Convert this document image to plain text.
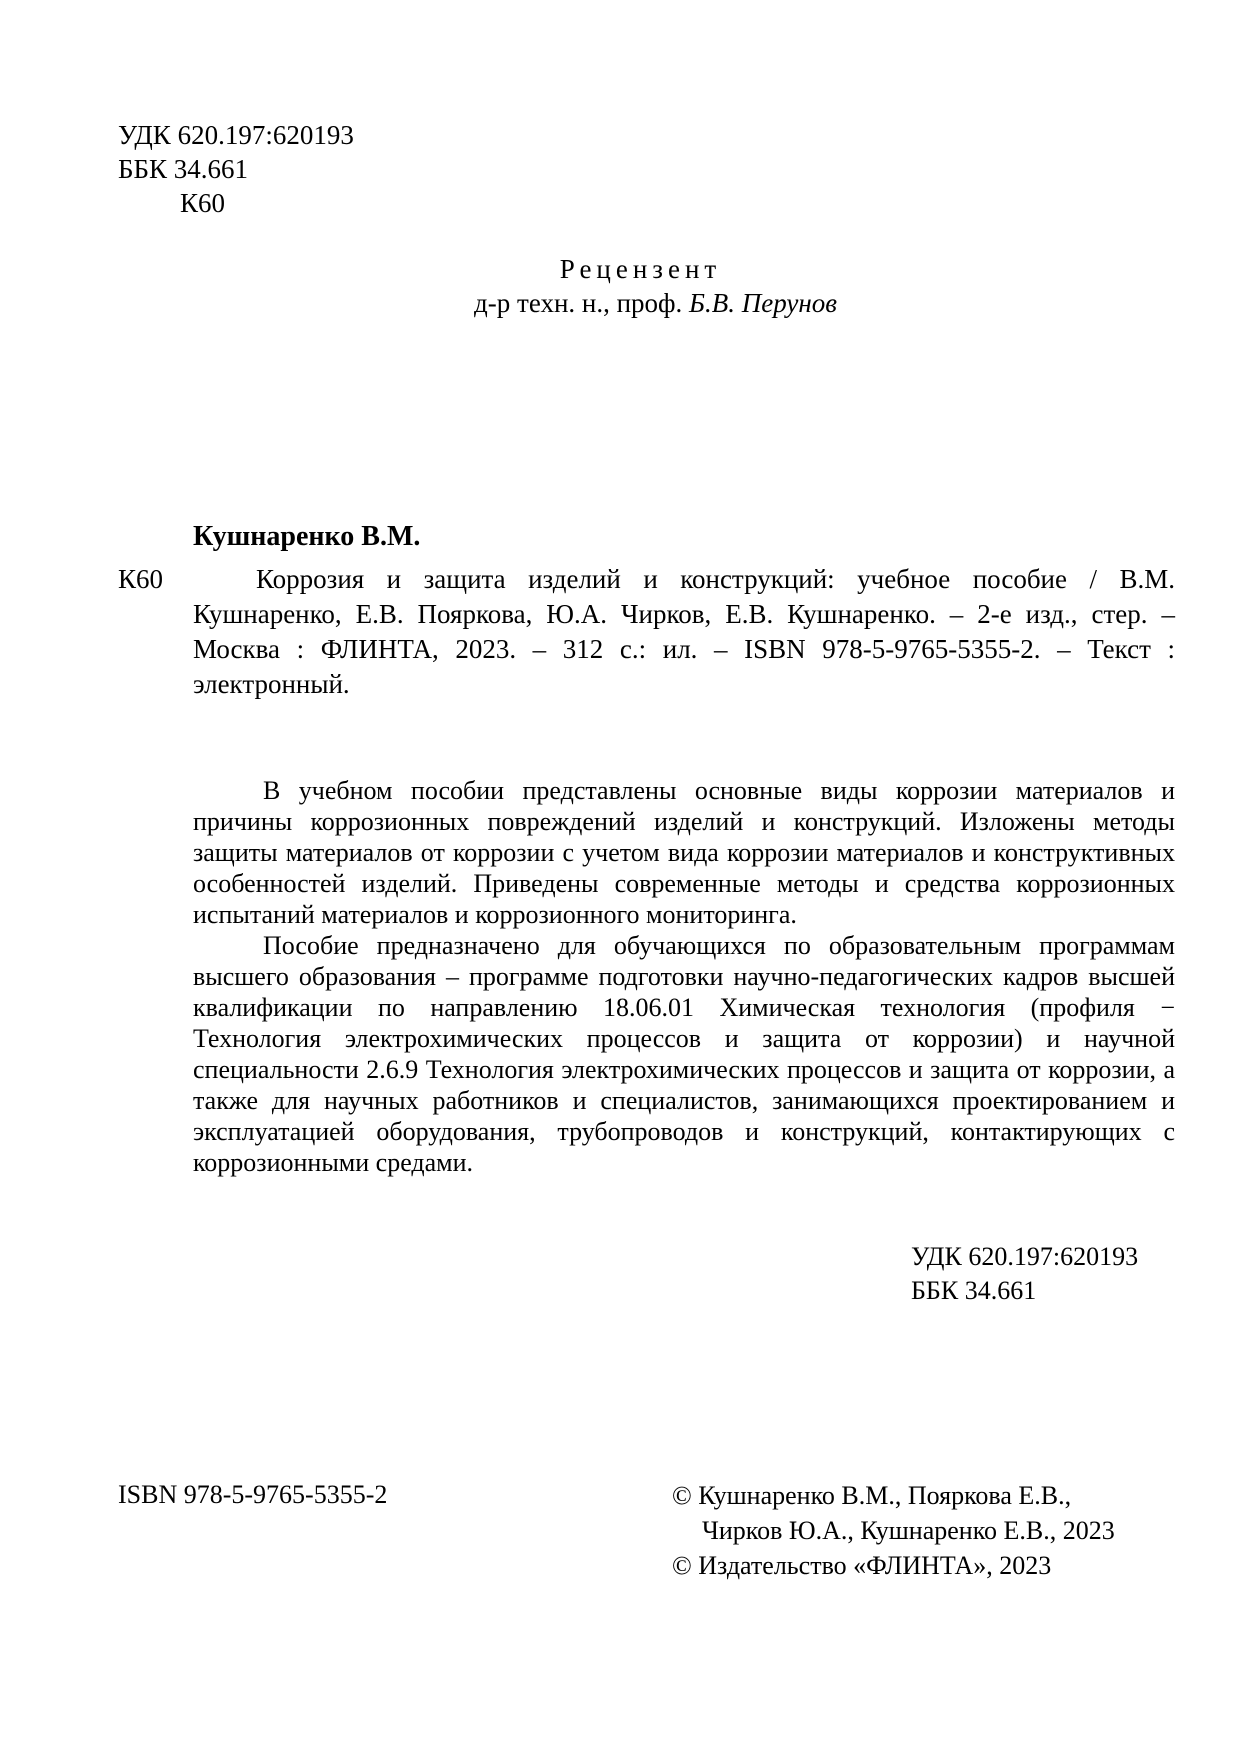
УДК 620.197:620193
ББК 34.661
К60
Рецензент
д-р техн. н., проф. Б.В. Перунов
Кушнаренко В.М.
К60	Коррозия и защита изделий и конструкций: учебное пособие / В.М. Кушнаренко, Е.В. Пояркова, Ю.А. Чирков, Е.В. Кушнаренко. – 2-е изд., стер. – Москва : ФЛИНТА, 2023. – 312 с.: ил. – ISBN 978-5-9765-5355-2. – Текст : электронный.

В учебном пособии представлены основные виды коррозии материалов и причины коррозионных повреждений изделий и конструкций. Изложены методы защиты материалов от коррозии с учетом вида коррозии материалов и конструктивных особенностей изделий. Приведены современные методы и средства коррозионных испытаний материалов и коррозионного мониторинга.

Пособие предназначено для обучающихся по образовательным программам высшего образования – программе подготовки научно-педагогических кадров высшей квалификации по направлению 18.06.01 Химическая технология (профиля − Технология электрохимических процессов и защита от коррозии) и научной специальности 2.6.9 Технология электрохимических процессов и защита от коррозии, а также для научных работников и специалистов, занимающихся проектированием и эксплуатацией оборудования, трубопроводов и конструкций, контактирующих с коррозионными средами.

УДК 620.197:620193
ББК 34.661
ISBN 978-5-9765-5355-2	© Кушнаренко В.М., Пояркова Е.В.,
Чирков Ю.А., Кушнаренко Е.В., 2023
© Издательство «ФЛИНТА», 2023
